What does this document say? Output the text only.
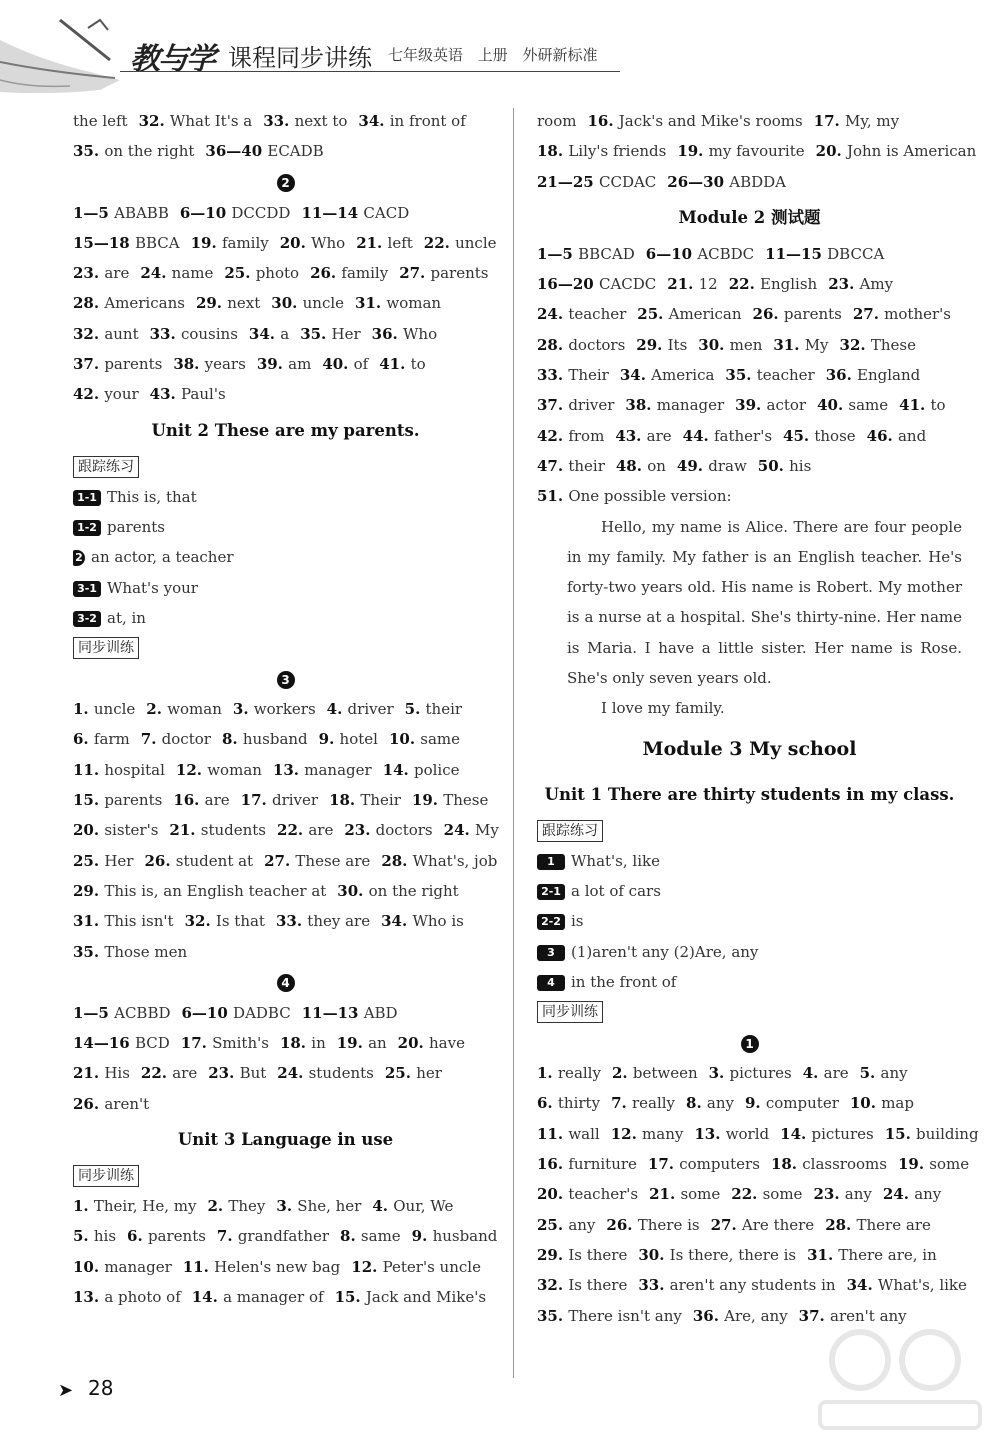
教与学 课程同步讲练 七年级英语 上册 外研新标准
the left 32. What It's a 33. next to 34. in front of
35. on the right 36—40 ECADB
2
1—5 ABABB 6—10 DCCDD 11—14 CACD
15—18 BBCA 19. family 20. Who 21. left 22. uncle
23. are 24. name 25. photo 26. family 27. parents
28. Americans 29. next 30. uncle 31. woman
32. aunt 33. cousins 34. a 35. Her 36. Who
37. parents 38. years 39. am 40. of 41. to
42. your 43. Paul's
Unit 2 These are my parents.
跟踪练习
1-1 This is, that
1-2 parents
2 an actor, a teacher
3-1 What's your
3-2 at, in
同步训练
3
1. uncle 2. woman 3. workers 4. driver 5. their
6. farm 7. doctor 8. husband 9. hotel 10. same
11. hospital 12. woman 13. manager 14. police
15. parents 16. are 17. driver 18. Their 19. These
20. sister's 21. students 22. are 23. doctors 24. My
25. Her 26. student at 27. These are 28. What's, job
29. This is, an English teacher at 30. on the right
31. This isn't 32. Is that 33. they are 34. Who is
35. Those men
4
1—5 ACBBD 6—10 DADBC 11—13 ABD
14—16 BCD 17. Smith's 18. in 19. an 20. have
21. His 22. are 23. But 24. students 25. her
26. aren't
Unit 3 Language in use
同步训练
1. Their, He, my 2. They 3. She, her 4. Our, We
5. his 6. parents 7. grandfather 8. same 9. husband
10. manager 11. Helen's new bag 12. Peter's uncle
13. a photo of 14. a manager of 15. Jack and Mike's
room 16. Jack's and Mike's rooms 17. My, my
18. Lily's friends 19. my favourite 20. John is American
21—25 CCDAC 26—30 ABDDA
Module 2 测试题
1—5 BBCAD 6—10 ACBDC 11—15 DBCCA
16—20 CACDC 21. 12 22. English 23. Amy
24. teacher 25. American 26. parents 27. mother's
28. doctors 29. Its 30. men 31. My 32. These
33. Their 34. America 35. teacher 36. England
37. driver 38. manager 39. actor 40. same 41. to
42. from 43. are 44. father's 45. those 46. and
47. their 48. on 49. draw 50. his
51. One possible version:
Hello, my name is Alice. There are four people in my family. My father is an English teacher. He's forty-two years old. His name is Robert. My mother is a nurse at a hospital. She's thirty-nine. Her name is Maria. I have a little sister. Her name is Rose. She's only seven years old.
I love my family.
Module 3 My school
Unit 1 There are thirty students in my class.
跟踪练习
1 What's, like
2-1 a lot of cars
2-2 is
3 (1)aren't any (2)Are, any
4 in the front of
同步训练
1
1. really 2. between 3. pictures 4. are 5. any
6. thirty 7. really 8. any 9. computer 10. map
11. wall 12. many 13. world 14. pictures 15. building
16. furniture 17. computers 18. classrooms 19. some
20. teacher's 21. some 22. some 23. any 24. any
25. any 26. There is 27. Are there 28. There are
29. Is there 30. Is there, there is 31. There are, in
32. Is there 33. aren't any students in 34. What's, like
35. There isn't any 36. Are, any 37. aren't any
➤ 28
